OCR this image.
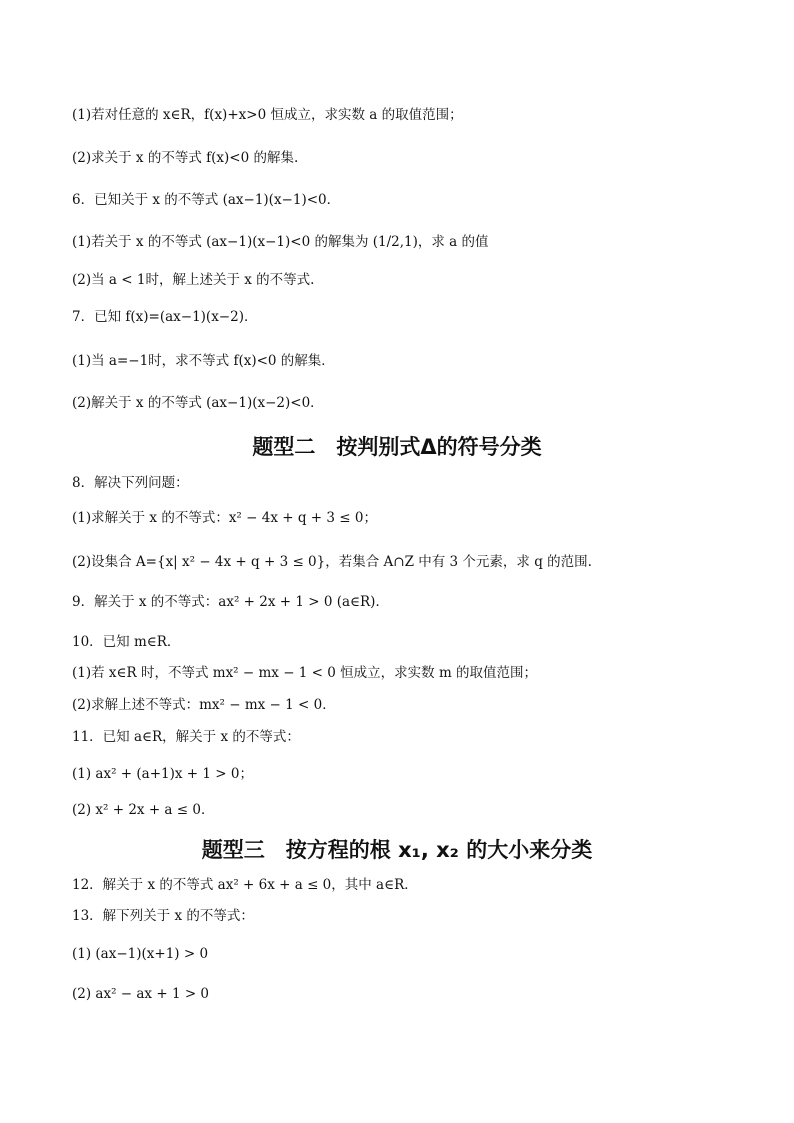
(1)若对任意的 x∈R，f(x)+x>0 恒成立，求实数 a 的取值范围；
(2)求关于 x 的不等式 f(x)<0 的解集.
6．已知关于 x 的不等式 (ax−1)(x−1)<0．
(1)若关于 x 的不等式 (ax−1)(x−1)<0 的解集为 (1/2,1)，求 a 的值
(2)当 a < 1时，解上述关于 x 的不等式.
7．已知 f(x)=(ax−1)(x−2)．
(1)当 a=−1时，求不等式 f(x)<0 的解集．
(2)解关于 x 的不等式 (ax−1)(x−2)<0．
题型二　按判别式Δ的符号分类
8．解决下列问题：
(1)求解关于 x 的不等式：x² − 4x + q + 3 ≤ 0；
(2)设集合 A={x| x² − 4x + q + 3 ≤ 0}，若集合 A∩Z 中有 3 个元素，求 q 的范围.
9．解关于 x 的不等式：ax² + 2x + 1 > 0 (a∈R)．
10．已知 m∈R．
(1)若 x∈R 时，不等式 mx² − mx − 1 < 0 恒成立，求实数 m 的取值范围；
(2)求解上述不等式：mx² − mx − 1 < 0．
11．已知 a∈R，解关于 x 的不等式：
(1) ax² + (a+1)x + 1 > 0；
(2) x² + 2x + a ≤ 0．
题型三　按方程的根 x₁, x₂ 的大小来分类
12．解关于 x 的不等式 ax² + 6x + a ≤ 0，其中 a∈R．
13．解下列关于 x 的不等式：
(1) (ax−1)(x+1) > 0
(2) ax² − ax + 1 > 0
